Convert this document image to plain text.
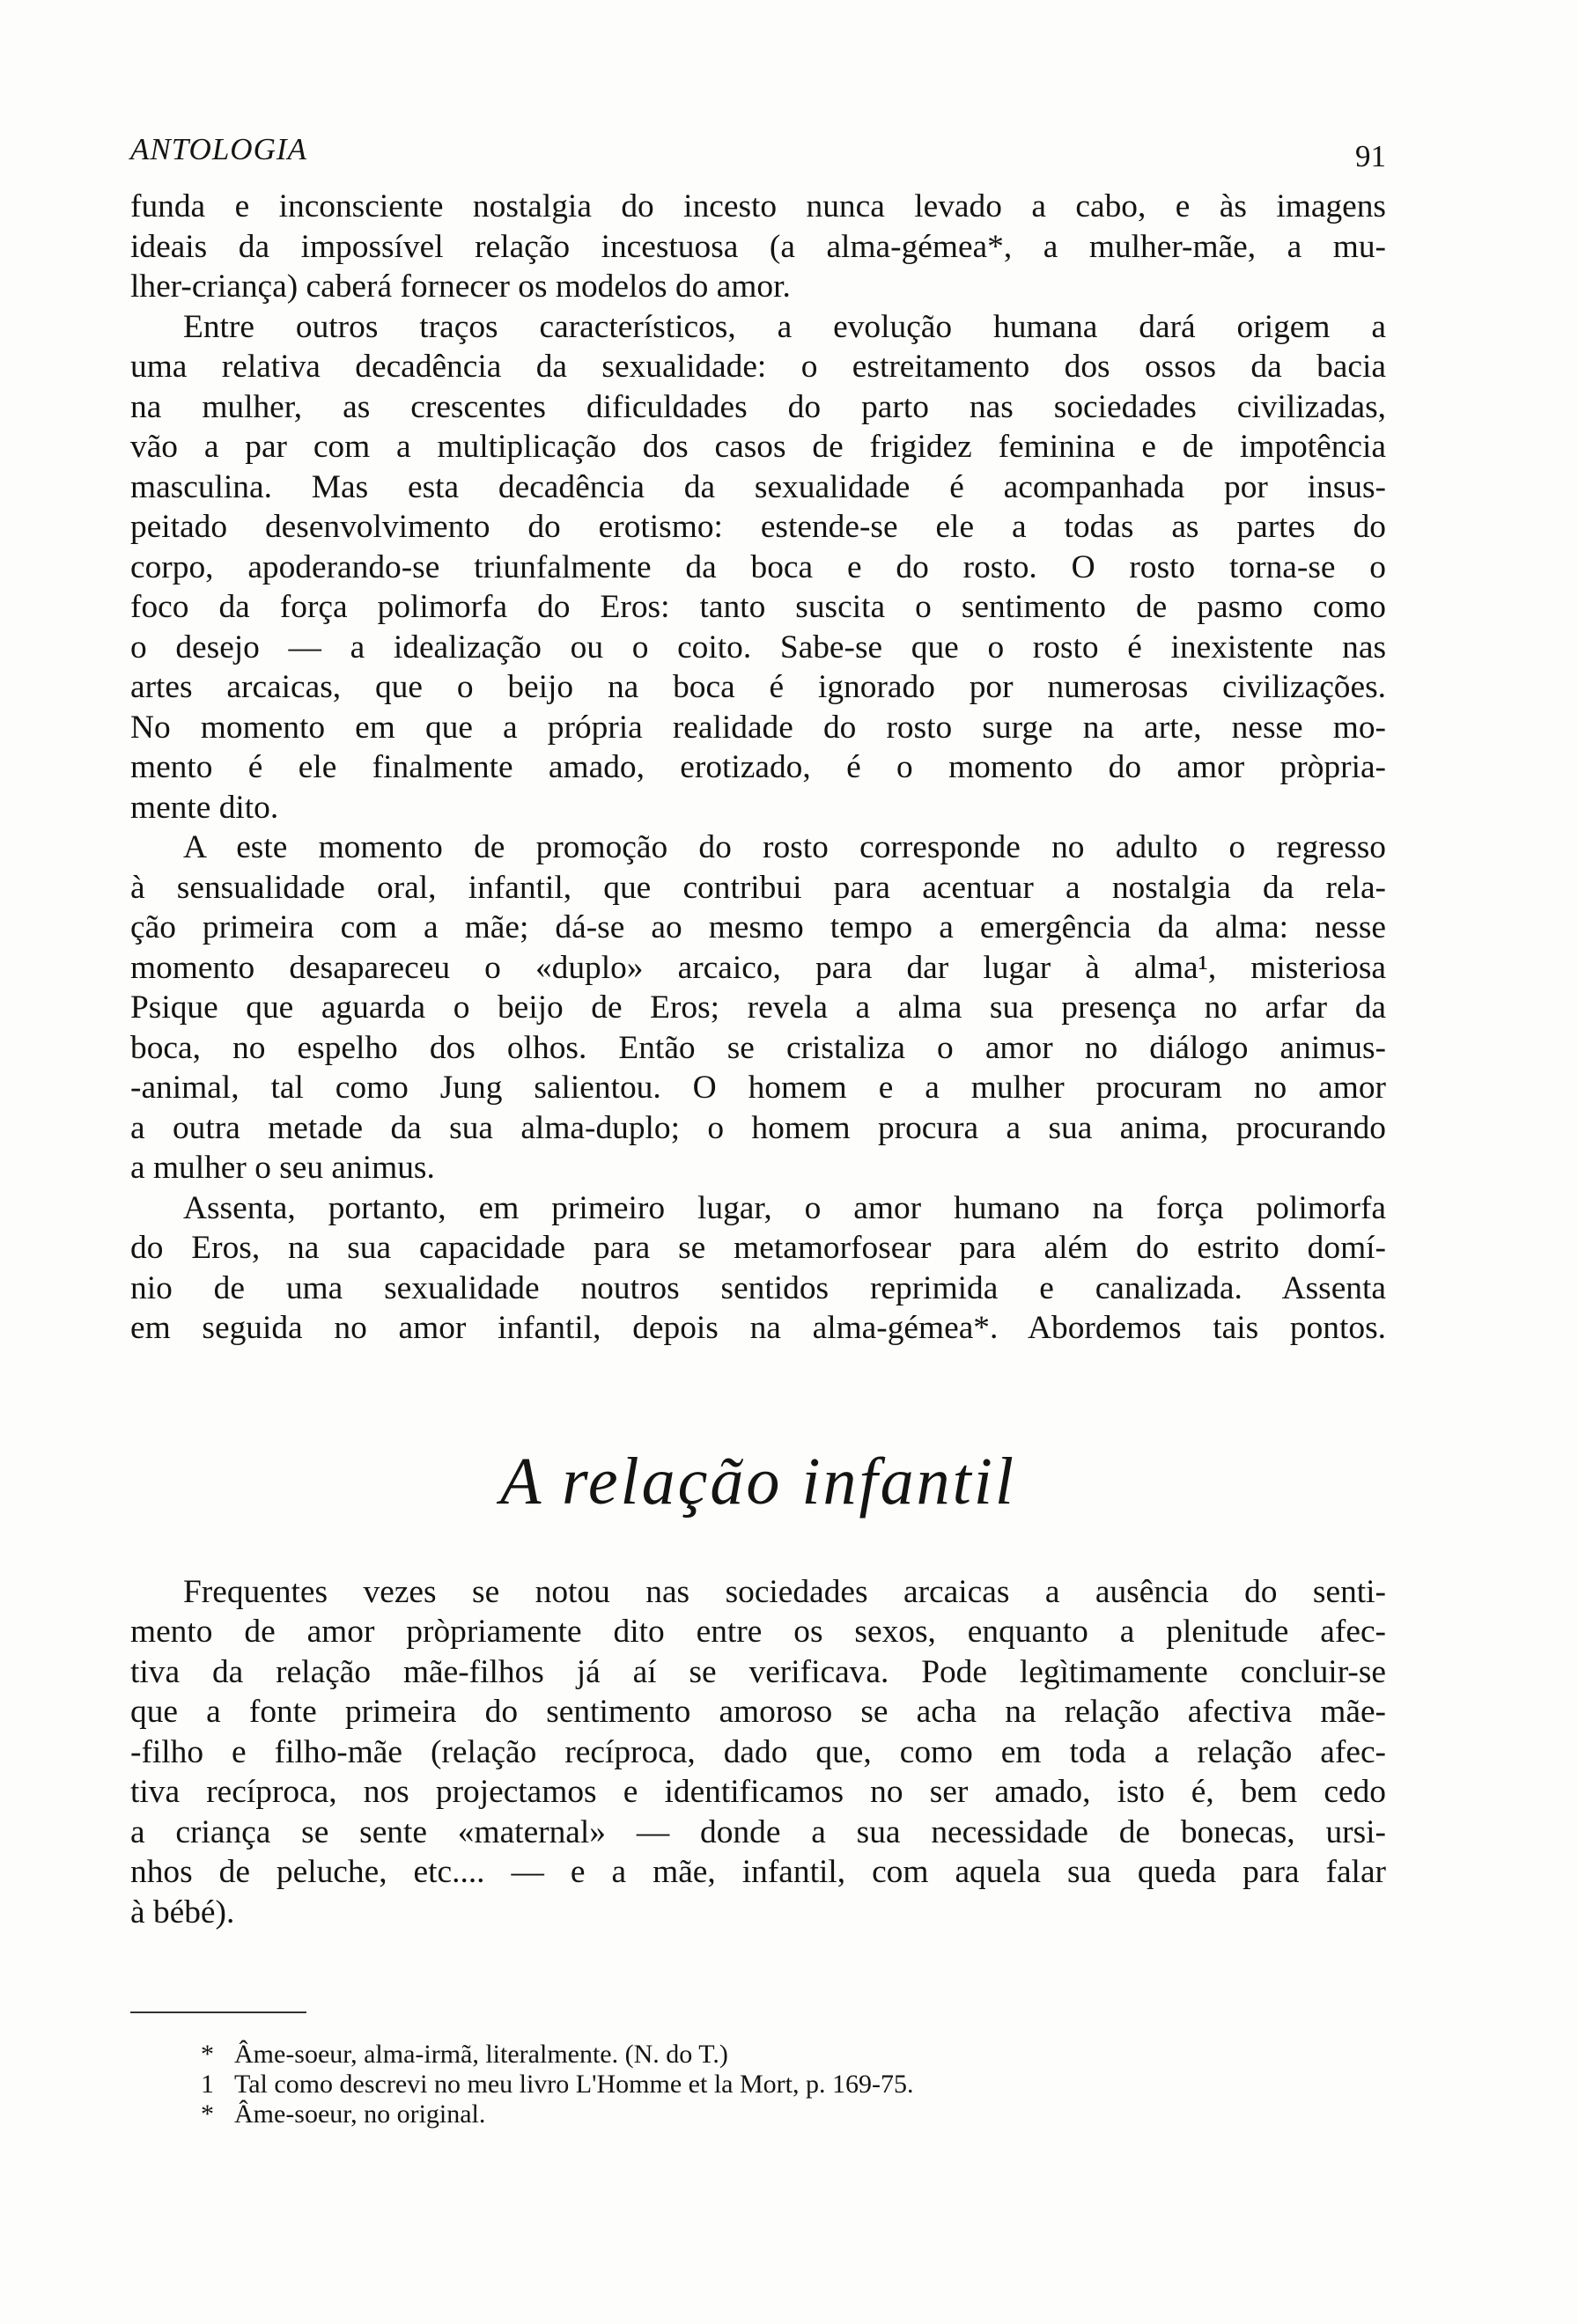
ANTOLOGIA	91

funda e inconsciente nostalgia do incesto nunca levado a cabo, e às imagens
ideais da impossível relação incestuosa (a alma-gémea*, a mulher-mãe, a mu-
lher-criança) caberá fornecer os modelos do amor.

Entre outros traços característicos, a evolução humana dará origem a
uma relativa decadência da sexualidade: o estreitamento dos ossos da bacia
na mulher, as crescentes dificuldades do parto nas sociedades civilizadas,
vão a par com a multiplicação dos casos de frigidez feminina e de impotência
masculina. Mas esta decadência da sexualidade é acompanhada por insus-
peitado desenvolvimento do erotismo: estende-se ele a todas as partes do
corpo, apoderando-se triunfalmente da boca e do rosto. O rosto torna-se o
foco da força polimorfa do Eros: tanto suscita o sentimento de pasmo como
o desejo — a idealização ou o coito. Sabe-se que o rosto é inexistente nas
artes arcaicas, que o beijo na boca é ignorado por numerosas civilizações.
No momento em que a própria realidade do rosto surge na arte, nesse mo-
mento é ele finalmente amado, erotizado, é o momento do amor pròpria-
mente dito.

A este momento de promoção do rosto corresponde no adulto o regresso
à sensualidade oral, infantil, que contribui para acentuar a nostalgia da rela-
ção primeira com a mãe; dá-se ao mesmo tempo a emergência da alma: nesse
momento desapareceu o «duplo» arcaico, para dar lugar à alma¹, misteriosa
Psique que aguarda o beijo de Eros; revela a alma sua presença no arfar da
boca, no espelho dos olhos. Então se cristaliza o amor no diálogo animus-
-animal, tal como Jung salientou. O homem e a mulher procuram no amor
a outra metade da sua alma-duplo; o homem procura a sua anima, procurando
a mulher o seu animus.

Assenta, portanto, em primeiro lugar, o amor humano na força polimorfa
do Eros, na sua capacidade para se metamorfosear para além do estrito domí-
nio de uma sexualidade noutros sentidos reprimida e canalizada. Assenta
em seguida no amor infantil, depois na alma-gémea*. Abordemos tais pontos.

A relação infantil

Frequentes vezes se notou nas sociedades arcaicas a ausência do senti-
mento de amor pròpriamente dito entre os sexos, enquanto a plenitude afec-
tiva da relação mãe-filhos já aí se verificava. Pode legìtimamente concluir-se
que a fonte primeira do sentimento amoroso se acha na relação afectiva mãe-
-filho e filho-mãe (relação recíproca, dado que, como em toda a relação afec-
tiva recíproca, nos projectamos e identificamos no ser amado, isto é, bem cedo
a criança se sente «maternal» — donde a sua necessidade de bonecas, ursi-
nhos de peluche, etc.... — e a mãe, infantil, com aquela sua queda para falar
à bébé).

* Âme-soeur, alma-irmã, literalmente. (N. do T.)
1 Tal como descrevi no meu livro L'Homme et la Mort, p. 169-75.
* Âme-soeur, no original.
